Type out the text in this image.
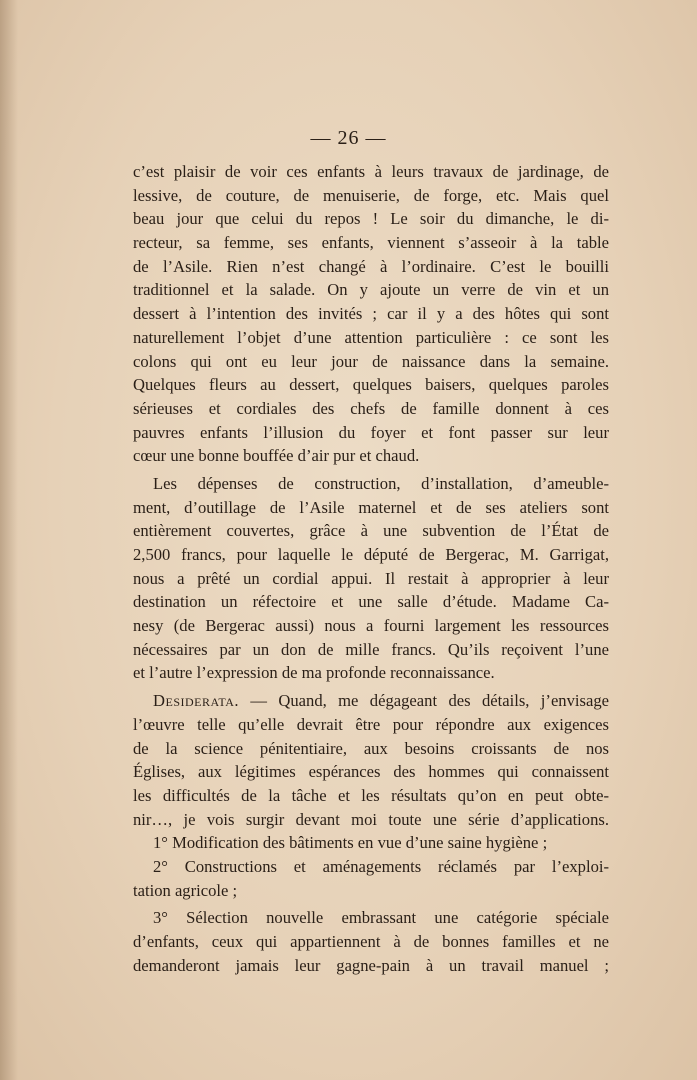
— 26 —
c’est plaisir de voir ces enfants à leurs travaux de jardinage, de
lessive, de couture, de menuiserie, de forge, etc. Mais quel
beau jour que celui du repos ! Le soir du dimanche, le di-
recteur, sa femme, ses enfants, viennent s’asseoir à la table
de l’Asile. Rien n’est changé à l’ordinaire. C’est le bouilli
traditionnel et la salade. On y ajoute un verre de vin et un
dessert à l’intention des invités ; car il y a des hôtes qui sont
naturellement l’objet d’une attention particulière : ce sont les
colons qui ont eu leur jour de naissance dans la semaine.
Quelques fleurs au dessert, quelques baisers, quelques paroles
sérieuses et cordiales des chefs de famille donnent à ces
pauvres enfants l’illusion du foyer et font passer sur leur
cœur une bonne bouffée d’air pur et chaud.
Les dépenses de construction, d’installation, d’ameuble-
ment, d’outillage de l’Asile maternel et de ses ateliers sont
entièrement couvertes, grâce à une subvention de l’État de
2,500 francs, pour laquelle le député de Bergerac, M. Garrigat,
nous a prêté un cordial appui. Il restait à approprier à leur
destination un réfectoire et une salle d’étude. Madame Ca-
nesy (de Bergerac aussi) nous a fourni largement les ressources
nécessaires par un don de mille francs. Qu’ils reçoivent l’une
et l’autre l’expression de ma profonde reconnaissance.
Desiderata. — Quand, me dégageant des détails, j’envisage
l’œuvre telle qu’elle devrait être pour répondre aux exigences
de la science pénitentiaire, aux besoins croissants de nos
Églises, aux légitimes espérances des hommes qui connaissent
les difficultés de la tâche et les résultats qu’on en peut obte-
nir…, je vois surgir devant moi toute une série d’applications.
1° Modification des bâtiments en vue d’une saine hygiène ;
2° Constructions et aménagements réclamés par l’exploi-
tation agricole ;
3° Sélection nouvelle embrassant une catégorie spéciale
d’enfants, ceux qui appartiennent à de bonnes familles et ne
demanderont jamais leur gagne-pain à un travail manuel ;
